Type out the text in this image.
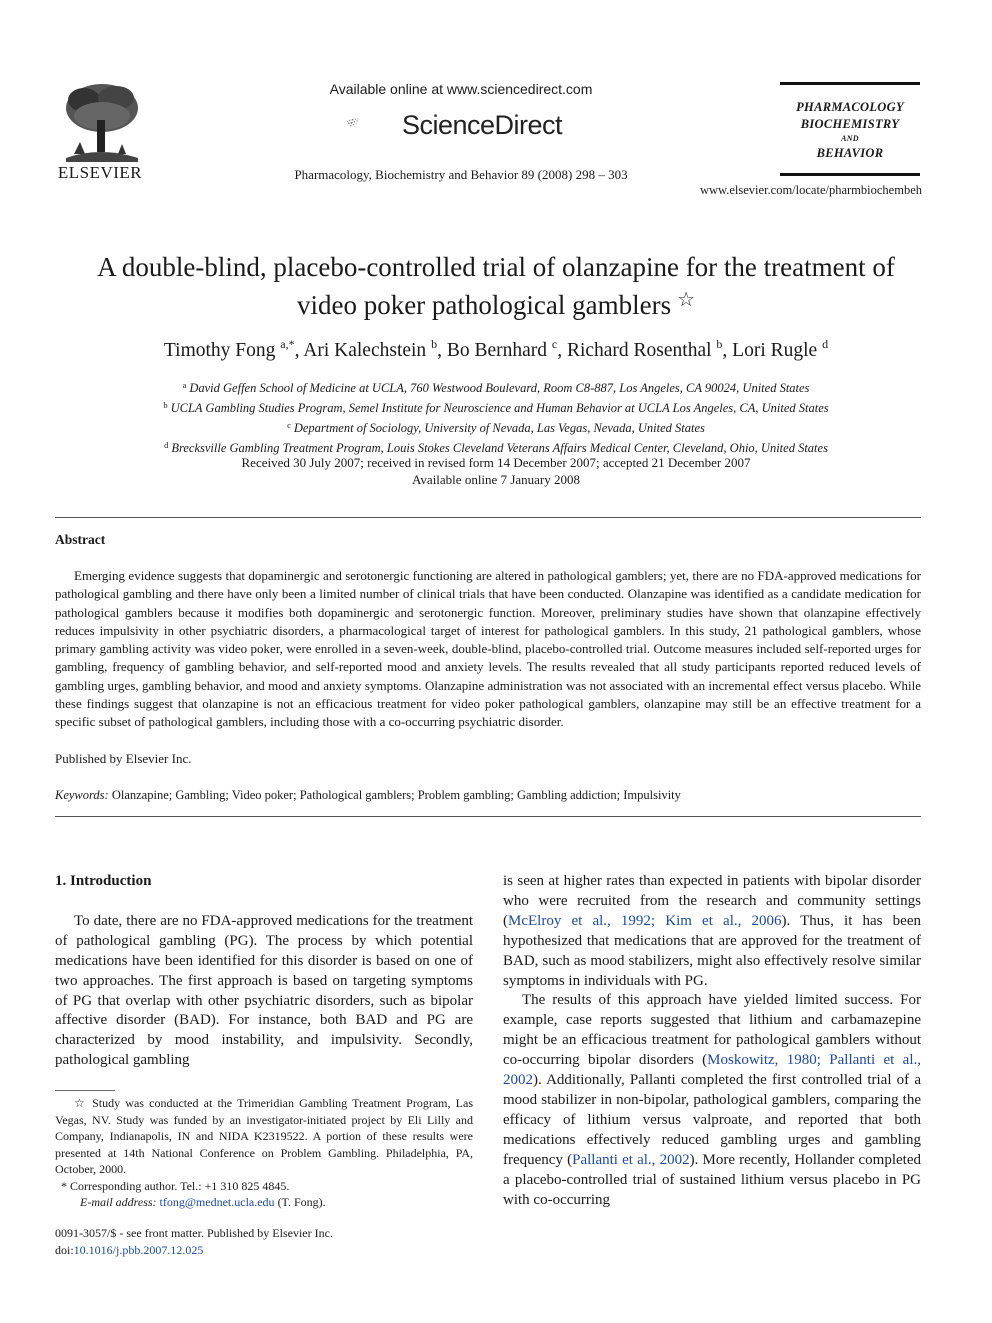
ELSEVIER
Available online at www.sciencedirect.com
ScienceDirect
Pharmacology, Biochemistry and Behavior 89 (2008) 298 – 303
PHARMACOLOGY
BIOCHEMISTRY
AND
BEHAVIOR
www.elsevier.com/locate/pharmbiochembeh
A double-blind, placebo-controlled trial of olanzapine for the treatment of
video poker pathological gamblers ☆
Timothy Fong $^{a,*}$, Ari Kalechstein $^b$, Bo Bernhard $^c$, Richard Rosenthal $^b$, Lori Rugle $^d$
$^a$ David Geffen School of Medicine at UCLA, 760 Westwood Boulevard, Room C8-887, Los Angeles, CA 90024, United States
$^b$ UCLA Gambling Studies Program, Semel Institute for Neuroscience and Human Behavior at UCLA Los Angeles, CA, United States
$^c$ Department of Sociology, University of Nevada, Las Vegas, Nevada, United States
$^d$ Brecksville Gambling Treatment Program, Louis Stokes Cleveland Veterans Affairs Medical Center, Cleveland, Ohio, United States
Received 30 July 2007; received in revised form 14 December 2007; accepted 21 December 2007
Available online 7 January 2008
Abstract

Emerging evidence suggests that dopaminergic and serotonergic functioning are altered in pathological gamblers; yet, there are no FDA-approved medications for pathological gambling and there have only been a limited number of clinical trials that have been conducted. Olanzapine was identified as a candidate medication for pathological gamblers because it modifies both dopaminergic and serotonergic function. Moreover, preliminary studies have shown that olanzapine effectively reduces impulsivity in other psychiatric disorders, a pharmacological target of interest for pathological gamblers. In this study, 21 pathological gamblers, whose primary gambling activity was video poker, were enrolled in a seven-week, double-blind, placebo-controlled trial. Outcome measures included self-reported urges for gambling, frequency of gambling behavior, and self-reported mood and anxiety levels. The results revealed that all study participants reported reduced levels of gambling urges, gambling behavior, and mood and anxiety symptoms. Olanzapine administration was not associated with an incremental effect versus placebo. While these findings suggest that olanzapine is not an efficacious treatment for video poker pathological gamblers, olanzapine may still be an effective treatment for a specific subset of pathological gamblers, including those with a co-occurring psychiatric disorder.

Published by Elsevier Inc.
Keywords: Olanzapine; Gambling; Video poker; Pathological gamblers; Problem gambling; Gambling addiction; Impulsivity
1. Introduction

To date, there are no FDA-approved medications for the treatment of pathological gambling (PG). The process by which potential medications have been identified for this disorder is based on one of two approaches. The first approach is based on targeting symptoms of PG that overlap with other psychiatric disorders, such as bipolar affective disorder (BAD). For instance, both BAD and PG are characterized by mood instability, and impulsivity. Secondly, pathological gambling

is seen at higher rates than expected in patients with bipolar disorder who were recruited from the research and community settings (McElroy et al., 1992; Kim et al., 2006). Thus, it has been hypothesized that medications that are approved for the treatment of BAD, such as mood stabilizers, might also effectively resolve similar symptoms in individuals with PG.

The results of this approach have yielded limited success. For example, case reports suggested that lithium and carbamazepine might be an efficacious treatment for pathological gamblers without co-occurring bipolar disorders (Moskowitz, 1980; Pallanti et al., 2002). Additionally, Pallanti completed the first controlled trial of a mood stabilizer in non-bipolar, pathological gamblers, comparing the efficacy of lithium versus valproate, and reported that both medications effectively reduced gambling urges and gambling frequency (Pallanti et al., 2002). More recently, Hollander completed a placebo-controlled trial of sustained lithium versus placebo in PG with co-occurring

☆ Study was conducted at the Trimeridian Gambling Treatment Program, Las Vegas, NV. Study was funded by an investigator-initiated project by Eli Lilly and Company, Indianapolis, IN and NIDA K2319522. A portion of these results were presented at 14th National Conference on Problem Gambling. Philadelphia, PA, October, 2000.

* Corresponding author. Tel.: +1 310 825 4845.

E-mail address: tfong@mednet.ucla.edu (T. Fong).

0091-3057/$ - see front matter. Published by Elsevier Inc.
doi:10.1016/j.pbb.2007.12.025
